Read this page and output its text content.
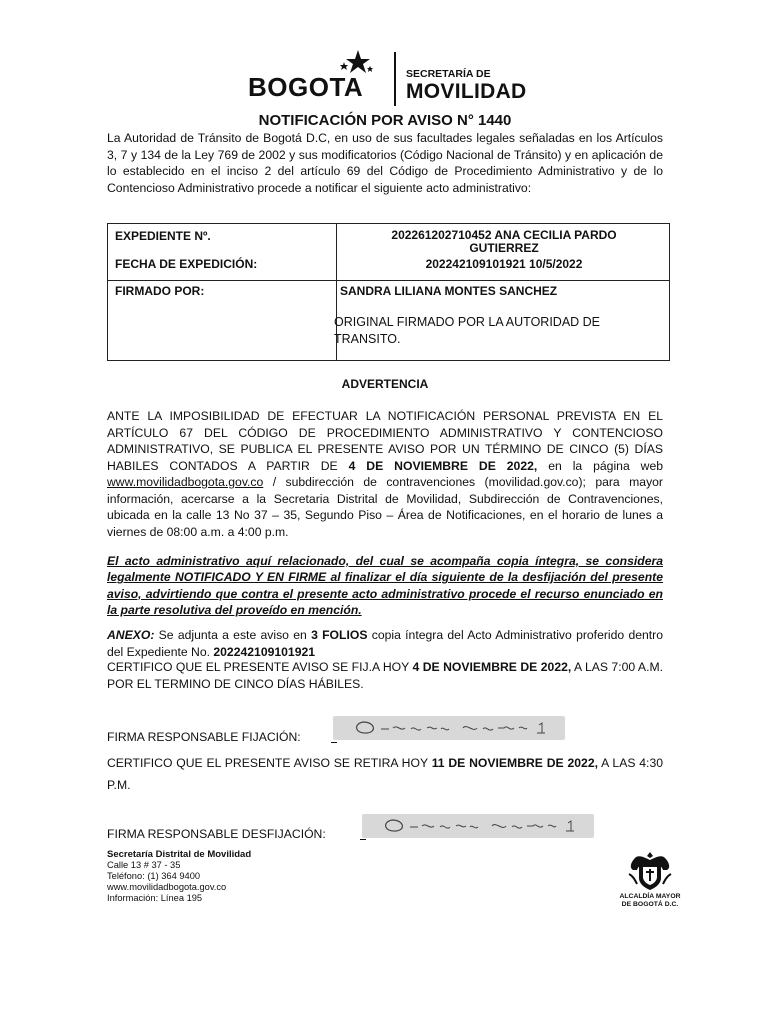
BOGOTA	SECRETARÍA DE
MOVILIDAD
NOTIFICACIÓN POR AVISO N° 1440

La Autoridad de Tránsito de Bogotá D.C, en uso de sus facultades legales señaladas en los Artículos 3, 7 y 134 de la Ley 769 de 2002 y sus modificatorios (Código Nacional de Tránsito) y en aplicación de lo establecido en el inciso 2 del artículo 69 del Código de Procedimiento Administrativo y de lo Contencioso Administrativo procede a notificar el siguiente acto administrativo:

EXPEDIENTE Nº.	202261202710452 ANA CECILIA PARDO
GUTIERREZ
FECHA DE EXPEDICIÓN:	202242109101921 10/5/2022
FIRMADO POR:	SANDRA LILIANA MONTES SANCHEZ
ORIGINAL FIRMADO POR LA AUTORIDAD DE
TRANSITO.
ADVERTENCIA

ANTE LA IMPOSIBILIDAD DE EFECTUAR LA NOTIFICACIÓN PERSONAL PREVISTA EN EL ARTÍCULO 67 DEL CÓDIGO DE PROCEDIMIENTO ADMINISTRATIVO Y CONTENCIOSO ADMINISTRATIVO, SE PUBLICA EL PRESENTE AVISO POR UN TÉRMINO DE CINCO (5) DÍAS HABILES CONTADOS A PARTIR DE 4 DE NOVIEMBRE DE 2022, en la página web www.movilidadbogota.gov.co / subdirección de contravenciones (movilidad.gov.co); para mayor información, acercarse a la Secretaria Distrital de Movilidad, Subdirección de Contravenciones, ubicada en la calle 13 No 37 – 35, Segundo Piso – Área de Notificaciones, en el horario de lunes a viernes de 08:00 a.m. a 4:00 p.m.

El acto administrativo aquí relacionado, del cual se acompaña copia íntegra, se considera legalmente NOTIFICADO Y EN FIRME al finalizar el día siguiente de la desfijación del presente aviso, advirtiendo que contra el presente acto administrativo procede el recurso enunciado en la parte resolutiva del proveído en mención.

ANEXO: Se adjunta a este aviso en 3 FOLIOS copia íntegra del Acto Administrativo proferido dentro del Expediente No. 202242109101921

CERTIFICO QUE EL PRESENTE AVISO SE FIJ.A HOY 4 DE NOVIEMBRE DE 2022, A LAS 7:00 A.M. POR EL TERMINO DE CINCO DÍAS HÁBILES.

FIRMA RESPONSABLE FIJACIÓN:

CERTIFICO QUE EL PRESENTE AVISO SE RETIRA HOY 11 DE NOVIEMBRE DE 2022, A LAS 4:30 P.M.

FIRMA RESPONSABLE DESFIJACIÓN:

Secretaría Distrital de Movilidad
Calle 13 # 37 - 35
Teléfono: (1) 364 9400
www.movilidadbogota.gov.co
Información: Línea 195	ALCALDÍA MAYOR
DE BOGOTÁ D.C.
